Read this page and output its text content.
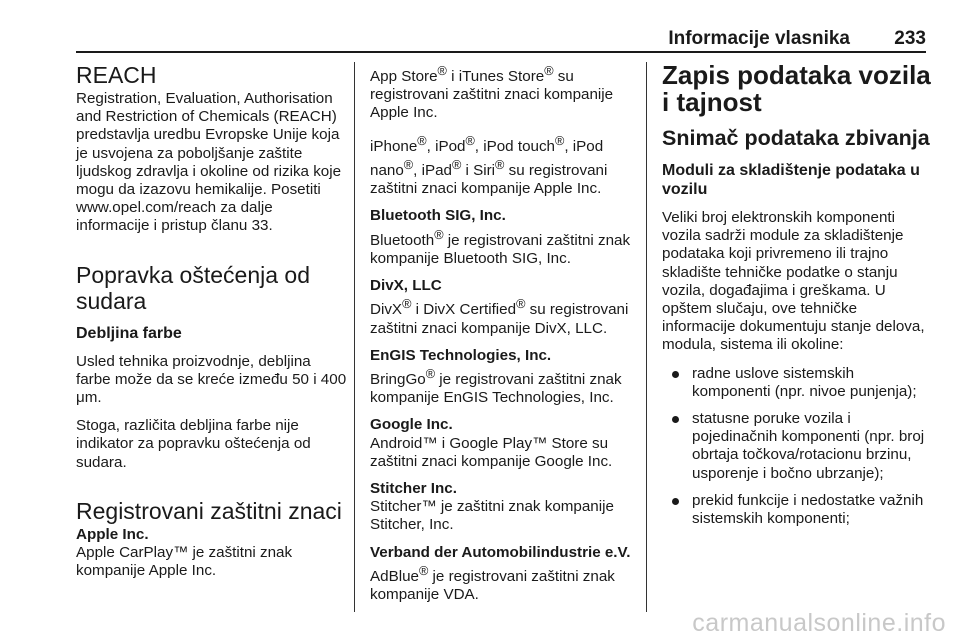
Informacije vlasnika 233
REACH
Registration, Evaluation, Authorisation and Restriction of Chemicals (REACH) predstavlja uredbu Evropske Unije koja je usvojena za poboljšanje zaštite ljudskog zdravlja i okoline od rizika koje mogu da izazovu hemikalije. Posetiti www.opel.com/reach za dalje informacije i pristup članu 33.
Popravka oštećenja od sudara
Debljina farbe
Usled tehnika proizvodnje, debljina farbe može da se kreće između 50 i 400 μm.
Stoga, različita debljina farbe nije indikator za popravku oštećenja od sudara.
Registrovani zaštitni znaci
Apple Inc.
Apple CarPlay™ je zaštitni znak kompanije Apple Inc.
App Store® i iTunes Store® su registrovani zaštitni znaci kompanije Apple Inc.
iPhone®, iPod®, iPod touch®, iPod nano®, iPad® i Siri® su registrovani zaštitni znaci kompanije Apple Inc.
Bluetooth SIG, Inc.
Bluetooth® je registrovani zaštitni znak kompanije Bluetooth SIG, Inc.
DivX, LLC
DivX® i DivX Certified® su registrovani zaštitni znaci kompanije DivX, LLC.
EnGIS Technologies, Inc.
BringGo® je registrovani zaštitni znak kompanije EnGIS Technologies, Inc.
Google Inc.
Android™ i Google Play™ Store su zaštitni znaci kompanije Google Inc.
Stitcher Inc.
Stitcher™ je zaštitni znak kompanije Stitcher, Inc.
Verband der Automobilindustrie e.V.
AdBlue® je registrovani zaštitni znak kompanije VDA.
Zapis podataka vozila i tajnost
Snimač podataka zbivanja
Moduli za skladištenje podataka u vozilu
Veliki broj elektronskih komponenti vozila sadrži module za skladištenje podataka koji privremeno ili trajno skladište tehničke podatke o stanju vozila, događajima i greškama. U opštem slučaju, ove tehničke informacije dokumentuju stanje delova, modula, sistema ili okoline:
radne uslove sistemskih komponenti (npr. nivoe punjenja);
statusne poruke vozila i pojedinačnih komponenti (npr. broj obrtaja točkova/rotacionu brzinu, usporenje i bočno ubrzanje);
prekid funkcije i nedostatke važnih sistemskih komponenti;
carmanualsonline.info
